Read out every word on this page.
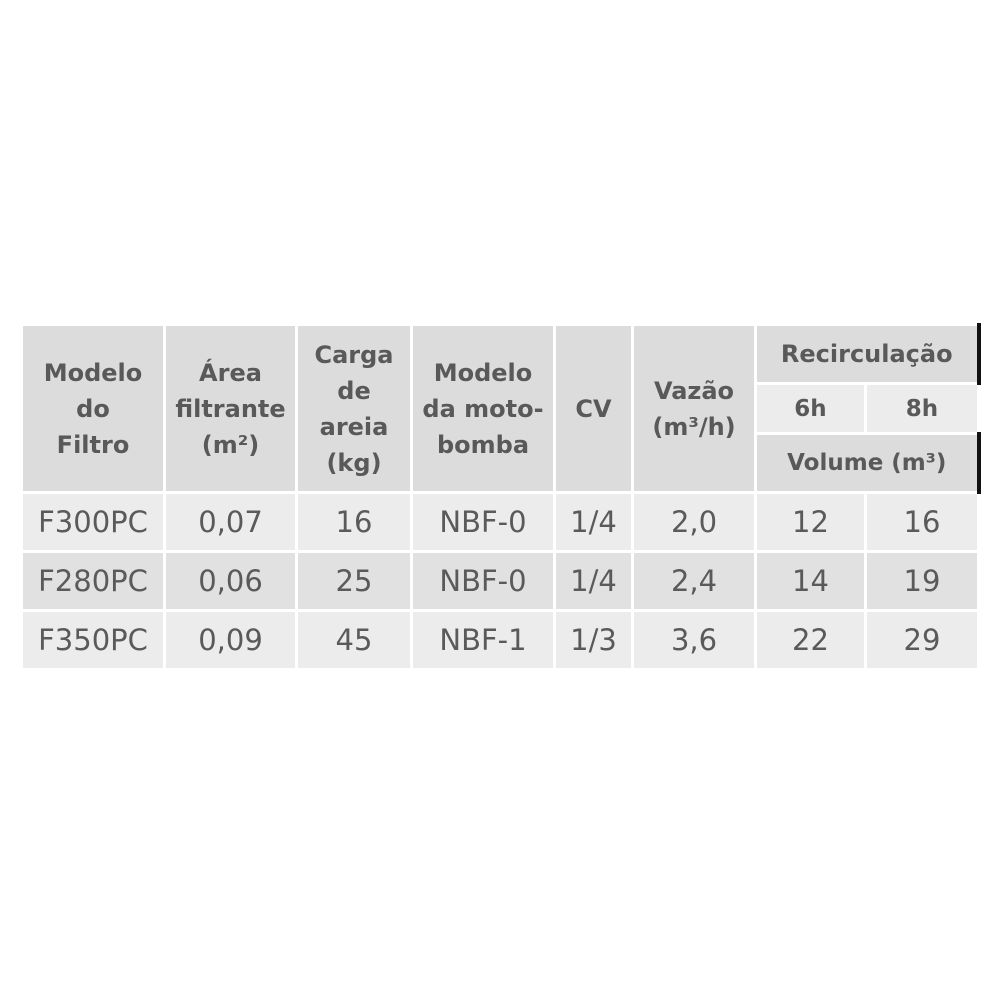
Modelo
do
Filtro	Área
filtrante
(m²)	Carga
de
areia
(kg)	Modelo
da moto-
bomba	CV	Vazão
(m³/h)	Recirculação	

						6h	8h

						Volume (m³)	

F300PC	0,07	16	NBF-0	1/4	2,0	12	16
F280PC	0,06	25	NBF-0	1/4	2,4	14	19
F350PC	0,09	45	NBF-1	1/3	3,6	22	29
